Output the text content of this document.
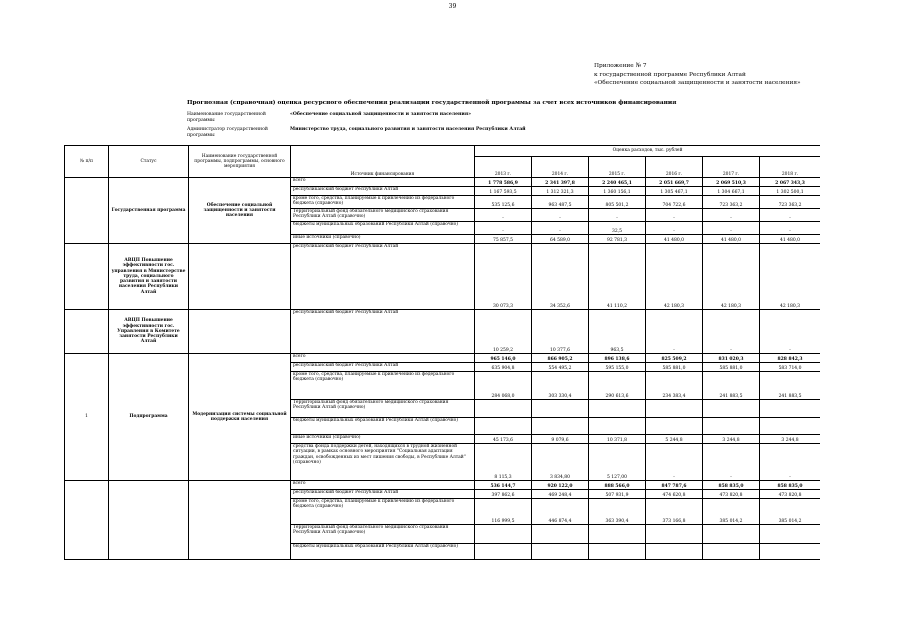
39
Приложение № 7
к государственной программе Республики Алтай
«Обеспечение социальной защищенности и занятости населения»
Прогнозная (справочная) оценка ресурсного обеспечения реализации государственной программы за счет всех источников финансирования
Наименование государственной программы
«Обеспечение социальной защищенности и занятости населения»
Администратор государственной программы
Министерство труда, социального развития и занятости населения Республики Алтай
№ п/п	Статус	Наименование государственной программы, подпрограммы, основного мероприятия	Источник финансирования	Оценка расходов, тыс. рублей					
				2013 г.	2014 г.	2015 г.	2016 г.	2017 г.	2018 г.
	Государственная программа	Обеспечение социальной защищенности и занятости населения	всего	1 778 586,9	2 341 397,8	2 240 465,1	2 051 669,7	2 069 510,3	2 067 343,3
			республиканский бюджет Республики Алтай	1 167 593,5	1 312 321,3	1 360 156,1	1 305 467,1	1 304 667,1	1 302 500,1
			кроме того, средства, планируемые к привлечению из федерального бюджета (справочно)	535 125,6	963 487,5	805 501,2	704 722,6	723 363,2	723 363,2
			Территориальный фонд обязательного медицинского страхования Республики Алтай (справочно)	-	-	-	-	-	-
			бюджеты муниципальных образований Республики Алтай (справочно)	-	-	32,5	-	-	-
			иные источники (справочно)	75 857,5	64 589,0	92 781,3	41 480,0	41 480,0	41 480,0
	АВЦП Повышение эффективности гос. управления в Министерстве труда, социального развития и занятости населения Республики Алтай		республиканский бюджет Республики Алтай	30 073,3	34 352,6	41 110,2	42 180,3	42 180,3	42 180,3
	АВЦП Повышение эффективности гос. Управления в Комитете занятости Республики Алтай		республиканский бюджет Республики Алтай	10 259,2	10 377,6	963,5	-	-	-
1	Подпрограмма	Модернизация системы социальной поддержки населения	всего	965 146,0	866 905,2	896 138,6	825 509,2	831 020,3	828 842,3
			республиканский бюджет Республики Алтай	635 904,8	554 495,2	595 155,0	585 881,0	585 881,0	583 714,0
			кроме того, средства, планируемые к привлечению из федерального бюджета (справочно)	284 068,0	303 330,4	290 613,6	234 383,4	241 883,5	241 883,5
			Территориальный фонд обязательного медицинского страхования Республики Алтай (справочно)						
			бюджеты муниципальных образований Республики Алтай (справочно)						
			иные источники (справочно)	45 173,6	9 079,6	10 371,8	5 244,8	3 244,8	3 244,8
			средства фонда поддержки детей, находящихся в трудной жизненной ситуации, в рамках основного мероприятия "Социальная адаптация граждан, освобожденных из мест лишения свободы, в Республике Алтай" (справочно)	8 115,3	3 834,80	5 127,00	-	-	-
			всего	536 144,7	920 122,0	888 566,0	847 787,6	858 835,0	858 835,0
			республиканский бюджет Республики Алтай	397 862,6	469 248,4	507 931,9	474 620,8	473 820,8	473 820,8
			кроме того, средства, планируемые к привлечению из федерального бюджета (справочно)	116 999,5	446 874,4	363 390,4	373 166,8	385 014,2	385 014,2
			Территориальный фонд обязательного медицинского страхования Республики Алтай (справочно)						
			бюджеты муниципальных образований Республики Алтай (справочно)						
